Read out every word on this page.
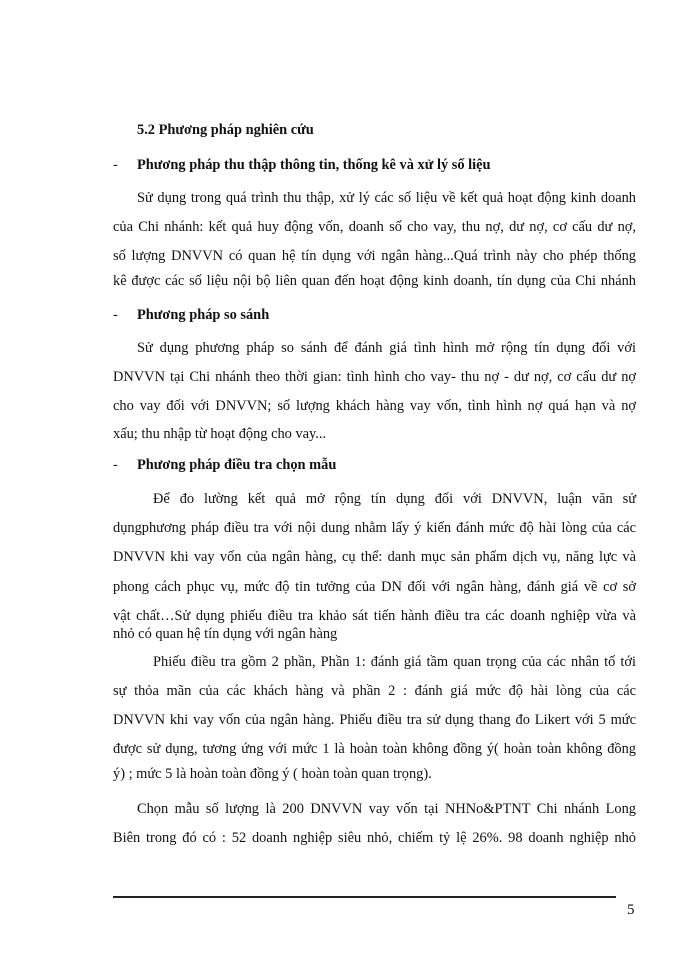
5.2 Phương pháp nghiên cứu
- Phương pháp thu thập thông tin, thống kê và xử lý số liệu
Sử dụng trong quá trình thu thập, xử lý các số liệu về kết quả hoạt động kinh doanh
của Chi nhánh: kết quả huy động vốn, doanh số cho vay, thu nợ, dư nợ, cơ cấu dư nợ,
số lượng DNVVN có quan hệ tín dụng với ngân hàng...Quá trình này cho phép thống
kê được các số liệu nội bộ liên quan đến hoạt động kinh doanh, tín dụng của Chi nhánh
- Phương pháp so sánh
Sử dụng phương pháp so sánh để đánh giá tình hình mở rộng tín dụng đối với
DNVVN tại Chi nhánh theo thời gian: tình hình cho vay- thu nợ - dư nợ, cơ cấu dư nợ
cho vay đối với DNVVN; số lượng khách hàng vay vốn, tình hình nợ quá hạn và nợ
xấu; thu nhập từ hoạt động cho vay...
- Phương pháp điều tra chọn mẫu
Để đo lường kết quả mở rộng tín dụng đối với DNVVN, luận văn sử
dụngphương pháp điều tra với nội dung nhằm lấy ý kiến đánh mức độ hài lòng của các
DNVVN khi vay vốn của ngân hàng, cụ thể: danh mục sản phẩm dịch vụ, năng lực và
phong cách phục vụ, mức độ tin tưởng của DN đối với ngân hàng, đánh giá về cơ sở
vật chất…Sử dụng phiếu điều tra khảo sát tiến hành điều tra các doanh nghiệp vừa và
nhỏ có quan hệ tín dụng với ngân hàng
Phiếu điều tra gồm 2 phần, Phần 1: đánh giá tầm quan trọng của các nhân tố tới
sự thỏa mãn của các khách hàng và phần 2 : đánh giá mức độ hài lòng của các
DNVVN khi vay vốn của ngân hàng. Phiếu điều tra sử dụng thang đo Likert với 5 mức
được sử dụng, tương ứng với mức 1 là hoàn toàn không đồng ý( hoàn toàn không đồng
ý) ; mức 5 là hoàn toàn đồng ý ( hoàn toàn quan trọng).
Chọn mẫu số lượng là 200 DNVVN vay vốn tại NHNo&PTNT Chi nhánh Long
Biên trong đó có : 52 doanh nghiệp siêu nhỏ, chiếm tỷ lệ 26%. 98 doanh nghiệp nhỏ
5
